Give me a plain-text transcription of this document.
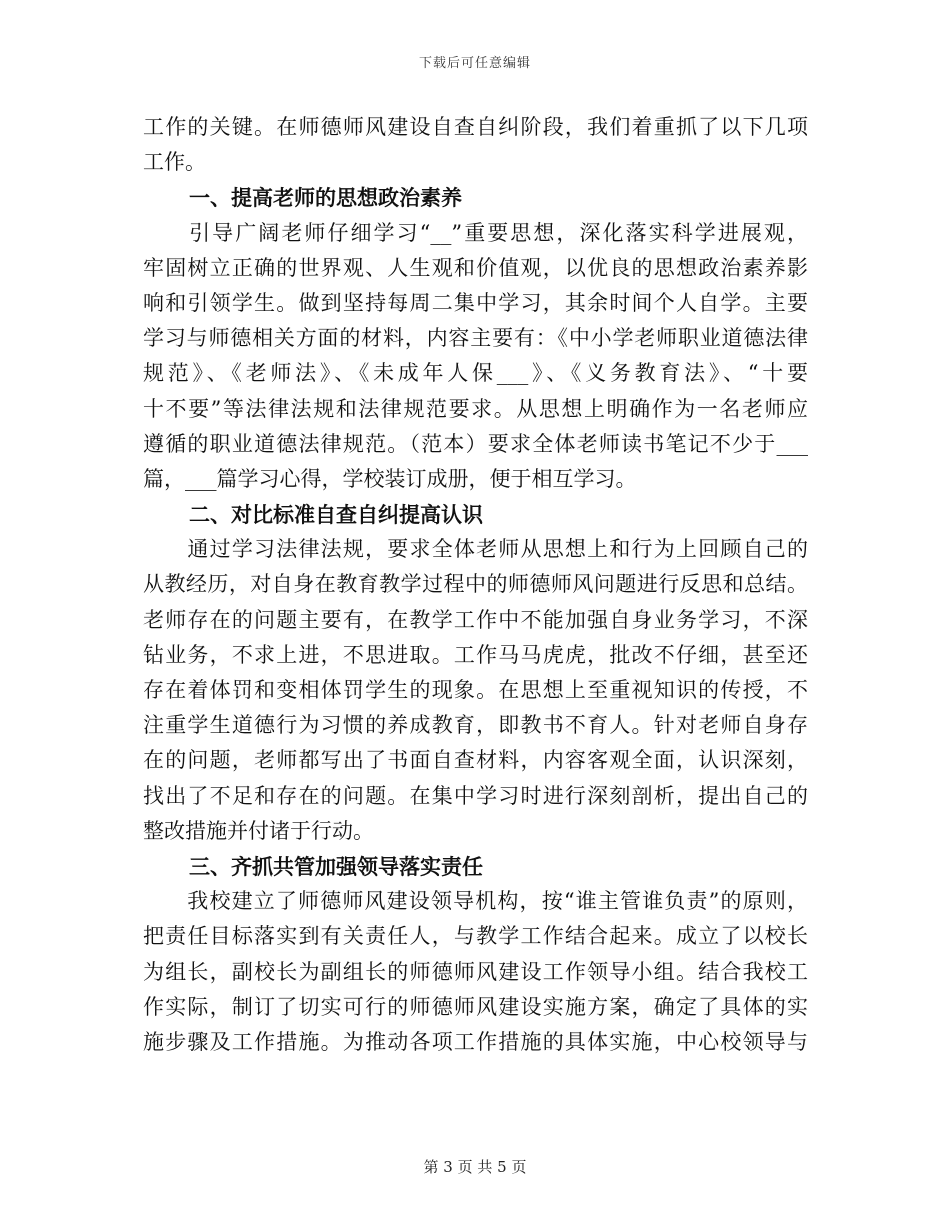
下载后可任意编辑
工作的关键。在师德师风建设自查自纠阶段，我们着重抓了以下几项
工作。
一、提高老师的思想政治素养
　　引导广阔老师仔细学习“__”重要思想，深化落实科学进展观，
牢固树立正确的世界观、人生观和价值观，以优良的思想政治素养影
响和引领学生。做到坚持每周二集中学习，其余时间个人自学。主要
学习与师德相关方面的材料，内容主要有：《中小学老师职业道德法律
规范》、《老师法》、《未成年人保___》、《义务教育法》、“十要
十不要”等法律法规和法律规范要求。从思想上明确作为一名老师应
遵循的职业道德法律规范。（范本）要求全体老师读书笔记不少于___
篇，___篇学习心得，学校装订成册，便于相互学习。
二、对比标准自查自纠提高认识
　　通过学习法律法规，要求全体老师从思想上和行为上回顾自己的
从教经历，对自身在教育教学过程中的师德师风问题进行反思和总结。
老师存在的问题主要有，在教学工作中不能加强自身业务学习，不深
钻业务，不求上进，不思进取。工作马马虎虎，批改不仔细，甚至还
存在着体罚和变相体罚学生的现象。在思想上至重视知识的传授，不
注重学生道德行为习惯的养成教育，即教书不育人。针对老师自身存
在的问题，老师都写出了书面自查材料，内容客观全面，认识深刻，
找出了不足和存在的问题。在集中学习时进行深刻剖析，提出自己的
整改措施并付诸于行动。
三、齐抓共管加强领导落实责任
　　我校建立了师德师风建设领导机构，按“谁主管谁负责”的原则，
把责任目标落实到有关责任人，与教学工作结合起来。成立了以校长
为组长，副校长为副组长的师德师风建设工作领导小组。结合我校工
作实际，制订了切实可行的师德师风建设实施方案，确定了具体的实
施步骤及工作措施。为推动各项工作措施的具体实施，中心校领导与
第 3 页 共 5 页
